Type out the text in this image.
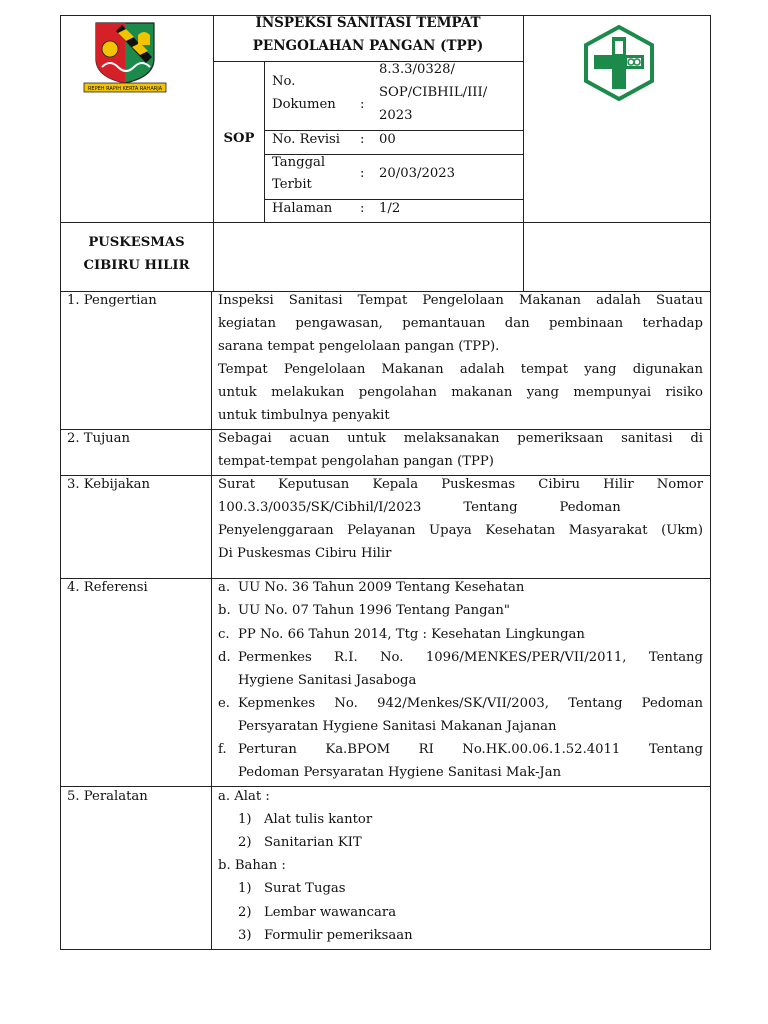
REPEH RAPIH KERTA RAHARJA
INSPEKSI SANITASI TEMPAT
PENGOLAHAN PANGAN (TPP)
SOP
No.
Dokumen :
8.3.3/0328/
SOP/CIBHIL/III/
2023
No. Revisi : 00
Tanggal
Terbit
: 20/03/2023
Halaman : 1/2
PUSKESMAS
CIBIRU HILIR
1. Pengertian	Inspeksi Sanitasi Tempat Pengelolaan Makanan adalah Suatau
kegiatan pengawasan, pemantauan dan pembinaan terhadap
sarana tempat pengelolaan pangan (TPP).
Tempat Pengelolaan Makanan adalah tempat yang digunakan
untuk melakukan pengolahan makanan yang mempunyai risiko
untuk timbulnya penyakit
2. Tujuan	Sebagai acuan untuk melaksanakan pemeriksaan sanitasi di
tempat-tempat pengolahan pangan (TPP)
3. Kebijakan	Surat Keputusan Kepala Puskesmas Cibiru Hilir Nomor
100.3.3/0035/SK/Cibhil/I/2023          Tentang          Pedoman
Penyelenggaraan Pelayanan Upaya Kesehatan Masyarakat (Ukm)
Di Puskesmas Cibiru Hilir
4. Referensi	a. UU No. 36 Tahun 2009 Tentang Kesehatan
b. UU No. 07 Tahun 1996 Tentang Pangan"
c. PP No. 66 Tahun 2014, Ttg : Kesehatan Lingkungan
d. Permenkes R.I. No. 1096/MENKES/PER/VII/2011, Tentang
Hygiene Sanitasi Jasaboga
e. Kepmenkes No. 942/Menkes/SK/VII/2003, Tentang Pedoman
Persyaratan Hygiene Sanitasi Makanan Jajanan
f. Perturan Ka.BPOM RI No.HK.00.06.1.52.4011 Tentang
Pedoman Persyaratan Hygiene Sanitasi Mak-Jan
5. Peralatan	a. Alat :
1) Alat tulis kantor
2) Sanitarian KIT
b. Bahan :
1) Surat Tugas
2) Lembar wawancara
3) Formulir pemeriksaan
